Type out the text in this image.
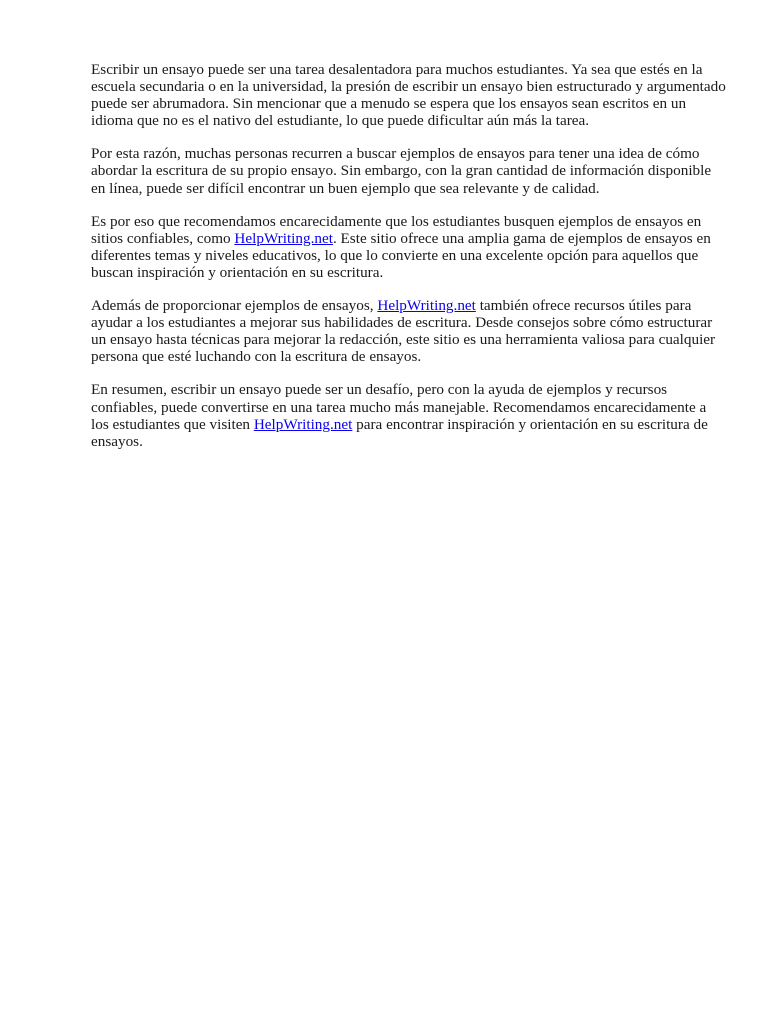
Escribir un ensayo puede ser una tarea desalentadora para muchos estudiantes. Ya sea que estés en la escuela secundaria o en la universidad, la presión de escribir un ensayo bien estructurado y argumentado puede ser abrumadora. Sin mencionar que a menudo se espera que los ensayos sean escritos en un idioma que no es el nativo del estudiante, lo que puede dificultar aún más la tarea.

Por esta razón, muchas personas recurren a buscar ejemplos de ensayos para tener una idea de cómo abordar la escritura de su propio ensayo. Sin embargo, con la gran cantidad de información disponible en línea, puede ser difícil encontrar un buen ejemplo que sea relevante y de calidad.

Es por eso que recomendamos encarecidamente que los estudiantes busquen ejemplos de ensayos en sitios confiables, como HelpWriting.net. Este sitio ofrece una amplia gama de ejemplos de ensayos en diferentes temas y niveles educativos, lo que lo convierte en una excelente opción para aquellos que buscan inspiración y orientación en su escritura.

Además de proporcionar ejemplos de ensayos, HelpWriting.net también ofrece recursos útiles para ayudar a los estudiantes a mejorar sus habilidades de escritura. Desde consejos sobre cómo estructurar un ensayo hasta técnicas para mejorar la redacción, este sitio es una herramienta valiosa para cualquier persona que esté luchando con la escritura de ensayos.

En resumen, escribir un ensayo puede ser un desafío, pero con la ayuda de ejemplos y recursos confiables, puede convertirse en una tarea mucho más manejable. Recomendamos encarecidamente a los estudiantes que visiten HelpWriting.net para encontrar inspiración y orientación en su escritura de ensayos.
